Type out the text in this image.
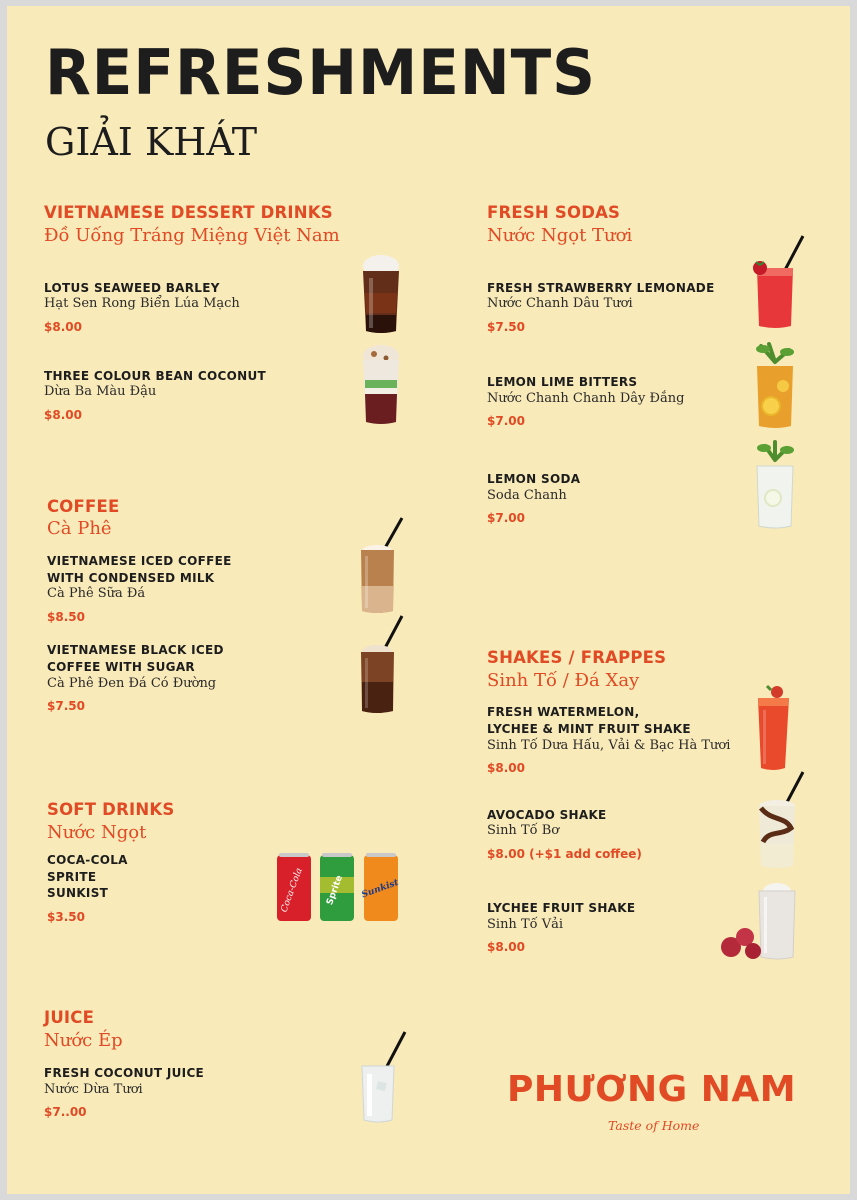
REFRESHMENTS
GIẢI KHÁT
VIETNAMESE DESSERT DRINKS
Đồ Uống Tráng Miệng Việt Nam
LOTUS SEAWEED BARLEY
Hạt Sen Rong Biển Lúa Mạch
$8.00
THREE COLOUR BEAN COCONUT
Dừa Ba Màu Đậu
$8.00
COFFEE
Cà Phê
VIETNAMESE ICED COFFEE
WITH CONDENSED MILK
Cà Phê Sữa Đá
$8.50
VIETNAMESE BLACK ICED
COFFEE WITH SUGAR
Cà Phê Đen Đá Có Đường
$7.50
SOFT DRINKS
Nước Ngọt
COCA-COLA
SPRITE
SUNKIST
$3.50
Coca-Cola Sprite Sunkist
JUICE
Nước Ép
FRESH COCONUT JUICE
Nước Dừa Tươi
$7..00
FRESH SODAS
Nước Ngọt Tươi
FRESH STRAWBERRY LEMONADE
Nước Chanh Dâu Tươi
$7.50
LEMON LIME BITTERS
Nước Chanh Chanh Dây Đắng
$7.00
LEMON SODA
Soda Chanh
$7.00
SHAKES / FRAPPES
Sinh Tố / Đá Xay
FRESH WATERMELON,
LYCHEE & MINT FRUIT SHAKE
Sinh Tố Dưa Hấu, Vải & Bạc Hà Tươi
$8.00
AVOCADO SHAKE
Sinh Tố Bơ
$8.00 (+$1 add coffee)
LYCHEE FRUIT SHAKE
Sinh Tố Vải
$8.00
PHƯƠNG NAM
Taste of Home
